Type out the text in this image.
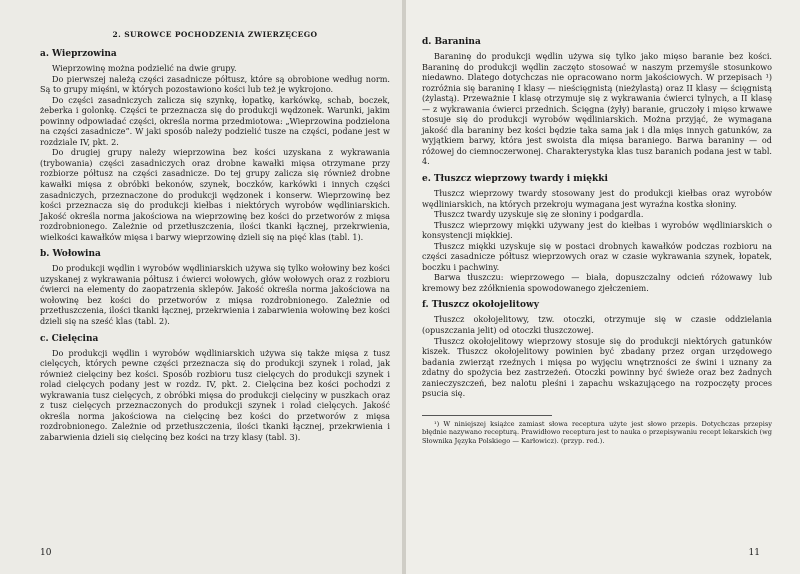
2. SUROWCE POCHODZENIA ZWIERZĘCEGO
a. Wieprzowina

Wieprzowinę można podzielić na dwie grupy.

Do pierwszej należą części zasadnicze półtusz, które są obrobione według norm. Są to grupy mięśni, w których pozostawiono kości lub też je wykrojono.

Do części zasadniczych zalicza się szynkę, łopatkę, karkówkę, schab, boczek, żeberka i golonkę. Części te przeznacza się do produkcji wędzonek. Warunki, jakim powinny odpowiadać części, określa norma przedmiotowa: „Wieprzowina podzielona na części zasadnicze”. W jaki sposób należy podzielić tusze na części, podane jest w rozdziale IV, pkt. 2.

Do drugiej grupy należy wieprzowina bez kości uzyskana z wykrawania (trybowania) części zasadniczych oraz drobne kawałki mięsa otrzymane przy rozbiorze półtusz na części zasadnicze. Do tej grupy zalicza się również drobne kawałki mięsa z obróbki bekonów, szynek, boczków, karkówki i innych części zasadniczych, przeznaczone do produkcji wędzonek i konserw. Wieprzowinę bez kości przeznacza się do produkcji kiełbas i niektórych wyrobów wędliniarskich. Jakość określa norma jakościowa na wieprzowinę bez kości do przetworów z mięsa rozdrobnionego. Zależnie od przetłuszczenia, ilości tkanki łącznej, przekrwienia, wielkości kawałków mięsa i barwy wieprzowinę dzieli się na pięć klas (tabl. 1).

b. Wołowina

Do produkcji wędlin i wyrobów wędliniarskich używa się tylko wołowiny bez kości uzyskanej z wykrawania półtusz i ćwierci wołowych, głów wołowych oraz z rozbioru ćwierci na elementy do zaopatrzenia sklepów. Jakość określa norma jakościowa na wołowinę bez kości do przetworów z mięsa rozdrobnionego. Zależnie od przetłuszczenia, ilości tkanki łącznej, przekrwienia i zabarwienia wołowinę bez kości dzieli się na sześć klas (tabl. 2).

c. Cielęcina

Do produkcji wędlin i wyrobów wędliniarskich używa się także mięsa z tusz cielęcych, których pewne części przeznacza się do produkcji szynek i rolad, jak również cielęciny bez kości. Sposób rozbioru tusz cielęcych do produkcji szynek i rolad cielęcych podany jest w rozdz. IV, pkt. 2. Cielęcina bez kości pochodzi z wykrawania tusz cielęcych, z obróbki mięsa do produkcji cielęciny w puszkach oraz z tusz cielęcych przeznaczonych do produkcji szynek i rolad cielęcych. Jakość określa norma jakościowa na cielęcinę bez kości do przetworów z mięsa rozdrobnionego. Zależnie od przetłuszczenia, ilości tkanki łącznej, przekrwienia i zabarwienia dzieli się cielęcinę bez kości na trzy klasy (tabl. 3).

10
d. Baranina

Baraninę do produkcji wędlin używa się tylko jako mięso baranie bez kości. Baraninę do produkcji wędlin zaczęto stosować w naszym przemyśle stosunkowo niedawno. Dlatego dotychczas nie opracowano norm jakościowych. W przepisach ¹) rozróżnia się baraninę I klasy — nieścięgnistą (nieżylastą) oraz II klasy — ścięgnistą (żylastą). Przeważnie I klasę otrzymuje się z wykrawania ćwierci tylnych, a II klasę — z wykrawania ćwierci przednich. Ścięgna (żyły) baranie, gruczoły i mięso krwawe stosuje się do produkcji wyrobów wędliniarskich. Można przyjąć, że wymagana jakość dla baraniny bez kości będzie taka sama jak i dla mięs innych gatunków, za wyjątkiem barwy, która jest swoista dla mięsa baraniego. Barwa baraniny — od różowej do ciemnoczerwonej. Charakterystyka klas tusz baranich podana jest w tabl. 4.

e. Tłuszcz wieprzowy twardy i miękki

Tłuszcz wieprzowy twardy stosowany jest do produkcji kiełbas oraz wyrobów wędliniarskich, na których przekroju wymagana jest wyraźna kostka słoniny.

Tłuszcz twardy uzyskuje się ze słoniny i podgardla.

Tłuszcz wieprzowy miękki używany jest do kiełbas i wyrobów wędliniarskich o konsystencji miękkiej.

Tłuszcz miękki uzyskuje się w postaci drobnych kawałków podczas rozbioru na części zasadnicze półtusz wieprzowych oraz w czasie wykrawania szynek, łopatek, boczku i pachwiny.

Barwa tłuszczu: wieprzowego — biała, dopuszczalny odcień różowawy lub kremowy bez zżółknienia spowodowanego zjełczeniem.

f. Tłuszcz okołojelitowy

Tłuszcz okołojelitowy, tzw. otoczki, otrzymuje się w czasie oddzielania (opuszczania jelit) od otoczki tłuszczowej.

Tłuszcz okołojelitowy wieprzowy stosuje się do produkcji niektórych gatunków kiszek. Tłuszcz okołojelitowy powinien być zbadany przez organ urzędowego badania zwierząt rzeźnych i mięsa po wyjęciu wnętrzności ze świni i uznany za zdatny do spożycia bez zastrzeżeń. Otoczki powinny być świeże oraz bez żadnych zanieczyszczeń, bez nalotu pleśni i zapachu wskazującego na rozpoczęty proces psucia się.

¹) W niniejszej książce zamiast słowa receptura użyte jest słowo przepis. Dotychczas przepisy błędnie nazywano recepturą. Prawidłowo receptura jest to nauka o przepisywaniu recept lekarskich (wg Słownika Języka Polskiego — Karłowicz). (przyp. red.).

11
